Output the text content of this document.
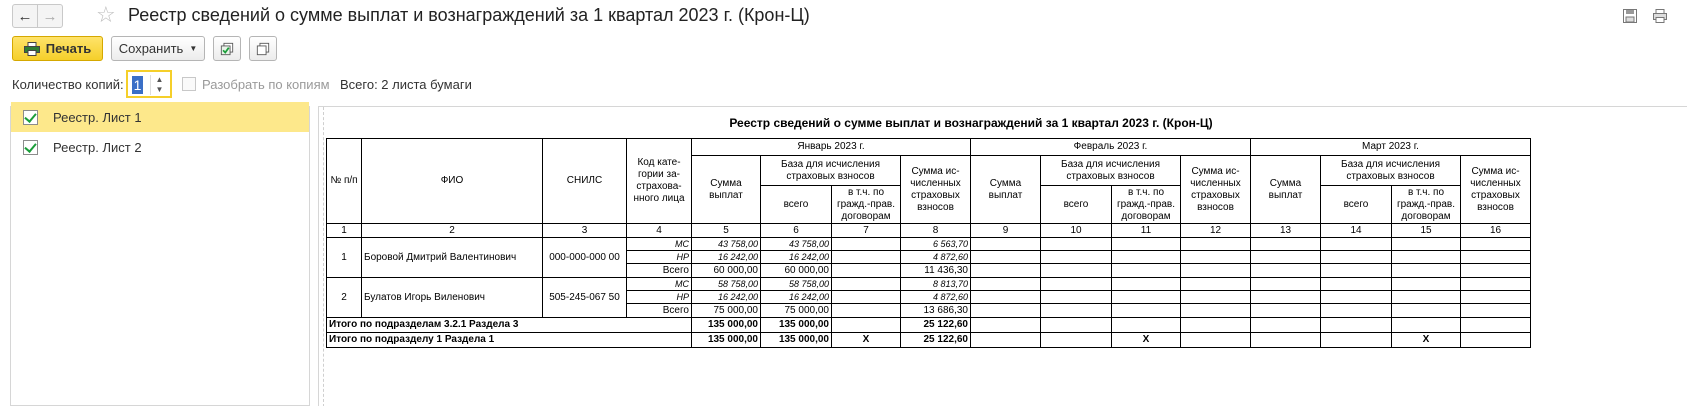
← → ☆ Реестр сведений о сумме выплат и вознаграждений за 1 квартал 2023 г. (Крон-Ц)
Печать Сохранить ▼
Количество копий: 1	▲
▼	Разобрать по копиям Всего: 2 листа бумаги
Реестр. Лист 1
Реестр. Лист 2
Реестр сведений о сумме выплат и вознаграждений за 1 квартал 2023 г. (Крон-Ц)
№ п/п	ФИО	СНИЛС	Код кате-гории за-страхова-нного лица	Январь 2023 г.				Февраль 2023 г.				Март 2023 г.			
				Сумма выплат	База для исчисления страховых взносов		Сумма ис-численных страховых взносов	Сумма выплат	База для исчисления страховых взносов		Сумма ис-численных страховых взносов	Сумма выплат	База для исчисления страховых взносов		Сумма ис-численных страховых взносов
					всего	в т.ч. по гражд.-прав. договорам			всего	в т.ч. по гражд.-прав. договорам			всего	в т.ч. по гражд.-прав. договорам	
1	2	3	4	5	6	7	8	9	10	11	12	13	14	15	16
1	Боровой Дмитрий Валентинович	000-000-000 00	МС	43 758,00	43 758,00		6 563,70								
			НР	16 242,00	16 242,00		4 872,60								
			Всего	60 000,00	60 000,00		11 436,30								
2	Булатов Игорь Виленович	505-245-067 50	МС	58 758,00	58 758,00		8 813,70								
			НР	16 242,00	16 242,00		4 872,60								
			Всего	75 000,00	75 000,00		13 686,30								
Итого по подразделам 3.2.1 Раздела 3				135 000,00	135 000,00		25 122,60								
Итого по подразделу 1 Раздела 1				135 000,00	135 000,00	X	25 122,60			X				X	
